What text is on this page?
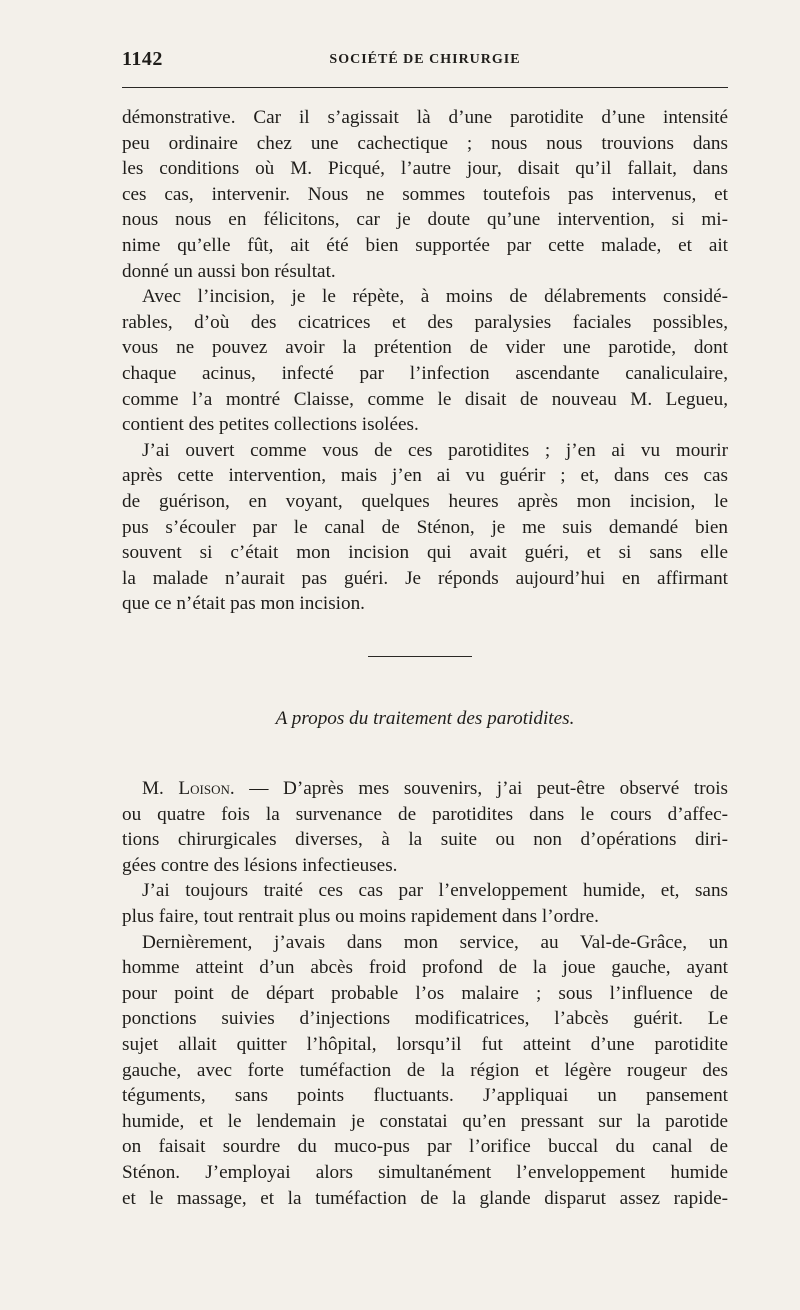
1142	SOCIÉTÉ DE CHIRURGIE
démonstrative. Car il s’agissait là d’une parotidite d’une intensité
peu ordinaire chez une cachectique ; nous nous trouvions dans
les conditions où M. Picqué, l’autre jour, disait qu’il fallait, dans
ces cas, intervenir. Nous ne sommes toutefois pas intervenus, et
nous nous en félicitons, car je doute qu’une intervention, si mi-
nime qu’elle fût, ait été bien supportée par cette malade, et ait
donné un aussi bon résultat.
Avec l’incision, je le répète, à moins de délabrements considé-
rables, d’où des cicatrices et des paralysies faciales possibles,
vous ne pouvez avoir la prétention de vider une parotide, dont
chaque acinus, infecté par l’infection ascendante canaliculaire,
comme l’a montré Claisse, comme le disait de nouveau M. Legueu,
contient des petites collections isolées.
J’ai ouvert comme vous de ces parotidites ; j’en ai vu mourir
après cette intervention, mais j’en ai vu guérir ; et, dans ces cas
de guérison, en voyant, quelques heures après mon incision, le
pus s’écouler par le canal de Sténon, je me suis demandé bien
souvent si c’était mon incision qui avait guéri, et si sans elle
la malade n’aurait pas guéri. Je réponds aujourd’hui en affirmant
que ce n’était pas mon incision.
A propos du traitement des parotidites.
M. Loison. — D’après mes souvenirs, j’ai peut-être observé trois
ou quatre fois la survenance de parotidites dans le cours d’affec-
tions chirurgicales diverses, à la suite ou non d’opérations diri-
gées contre des lésions infectieuses.
J’ai toujours traité ces cas par l’enveloppement humide, et, sans
plus faire, tout rentrait plus ou moins rapidement dans l’ordre.
Dernièrement, j’avais dans mon service, au Val-de-Grâce, un
homme atteint d’un abcès froid profond de la joue gauche, ayant
pour point de départ probable l’os malaire ; sous l’influence de
ponctions suivies d’injections modificatrices, l’abcès guérit. Le
sujet allait quitter l’hôpital, lorsqu’il fut atteint d’une parotidite
gauche, avec forte tuméfaction de la région et légère rougeur des
téguments, sans points fluctuants. J’appliquai un pansement
humide, et le lendemain je constatai qu’en pressant sur la parotide
on faisait sourdre du muco-pus par l’orifice buccal du canal de
Sténon. J’employai alors simultanément l’enveloppement humide
et le massage, et la tuméfaction de la glande disparut assez rapide-
